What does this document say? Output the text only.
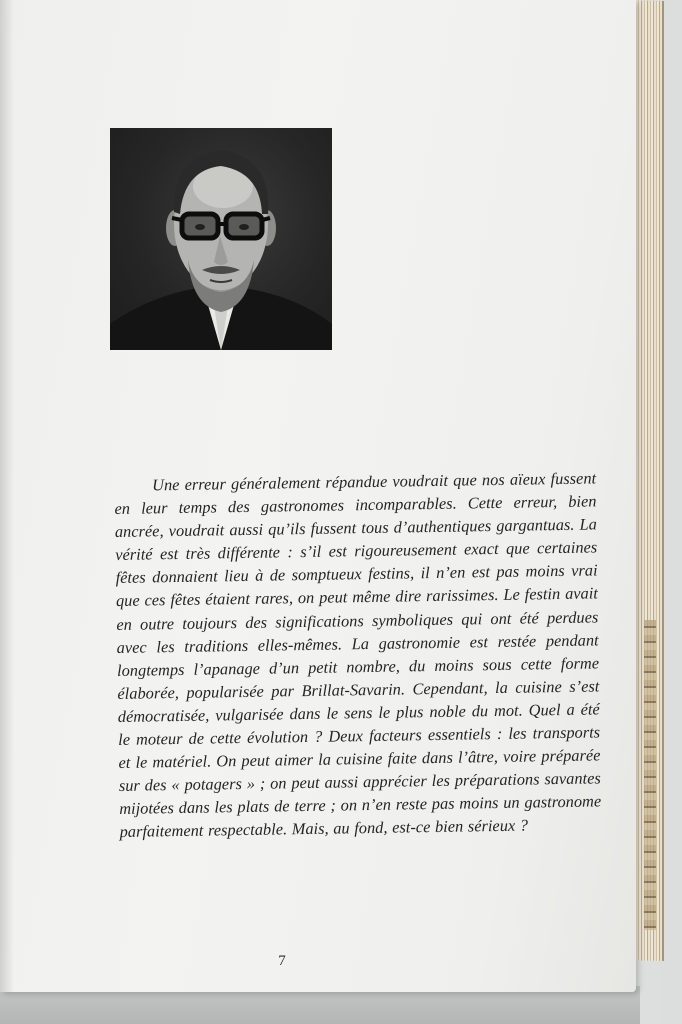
Une erreur généralement répandue voudrait que nos aïeux fussent en leur temps des gastronomes incomparables. Cette erreur, bien ancrée, voudrait aussi qu’ils fussent tous d’authentiques gargantuas. La vérité est très différente : s’il est rigoureusement exact que certaines fêtes donnaient lieu à de somptueux festins, il n’en est pas moins vrai que ces fêtes étaient rares, on peut même dire rarissimes. Le festin avait en outre toujours des significations symboliques qui ont été perdues avec les traditions elles-mêmes. La gastronomie est restée pendant longtemps l’apanage d’un petit nombre, du moins sous cette forme élaborée, popularisée par Brillat-Savarin. Cependant, la cuisine s’est démocratisée, vulgarisée dans le sens le plus noble du mot. Quel a été le moteur de cette évolution ? Deux facteurs essentiels : les transports et le matériel. On peut aimer la cuisine faite dans l’âtre, voire préparée sur des « potagers » ; on peut aussi apprécier les préparations savantes mijotées dans les plats de terre ; on n’en reste pas moins un gastronome parfaitement respectable. Mais, au fond, est-ce bien sérieux ?

7
